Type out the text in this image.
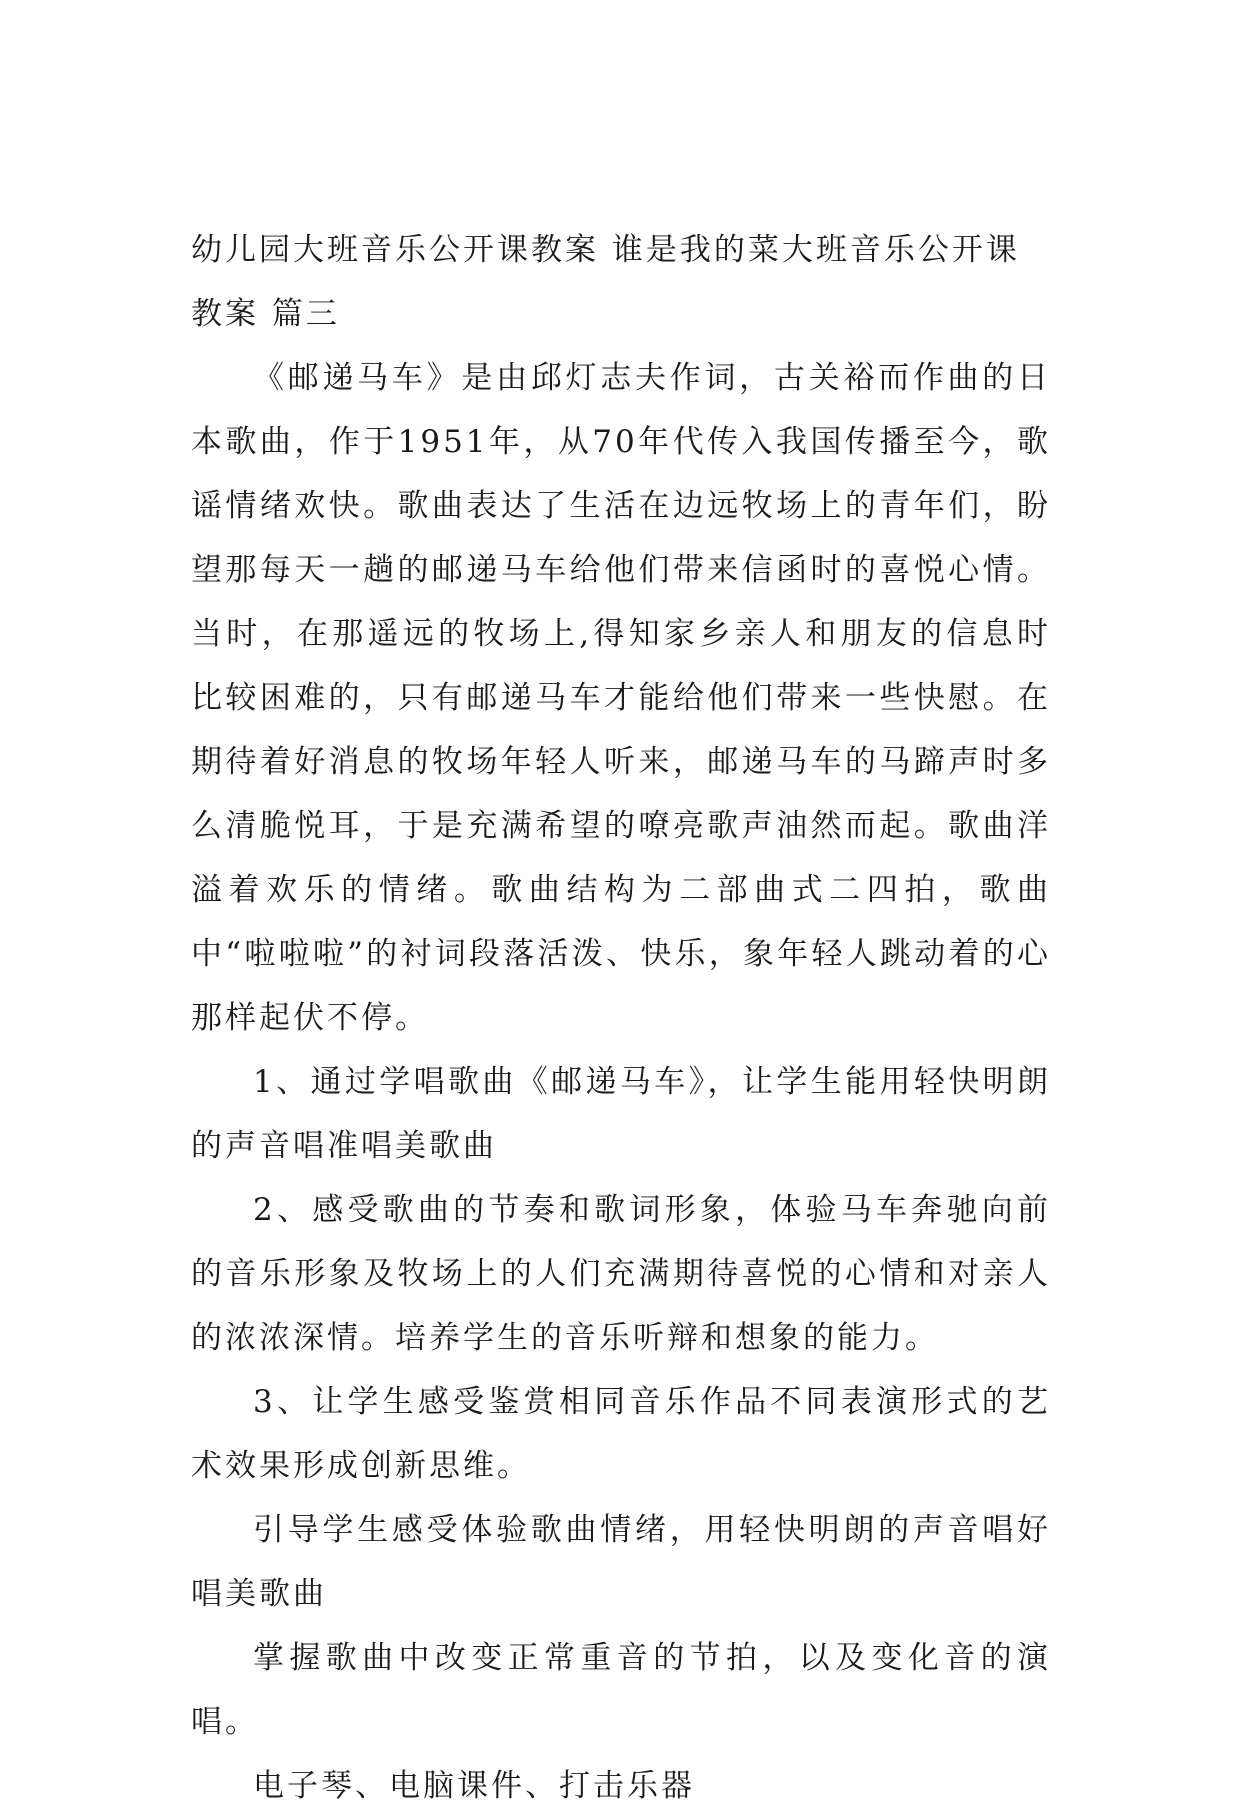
幼儿园大班音乐公开课教案 谁是我的菜大班音乐公开课教案 篇三

《邮递马车》是由邱灯志夫作词，古关裕而作曲的日本歌曲，作于1951年，从70年代传入我国传播至今，歌谣情绪欢快。歌曲表达了生活在边远牧场上的青年们，盼望那每天一趟的邮递马车给他们带来信函时的喜悦心情。当时，在那遥远的牧场上,得知家乡亲人和朋友的信息时比较困难的，只有邮递马车才能给他们带来一些快慰。在期待着好消息的牧场年轻人听来，邮递马车的马蹄声时多么清脆悦耳，于是充满希望的嘹亮歌声油然而起。歌曲洋溢着欢乐的情绪。歌曲结构为二部曲式二四拍，歌曲中“啦啦啦”的衬词段落活泼、快乐，象年轻人跳动着的心那样起伏不停。

1、通过学唱歌曲《邮递马车》，让学生能用轻快明朗的声音唱准唱美歌曲

2、感受歌曲的节奏和歌词形象，体验马车奔驰向前的音乐形象及牧场上的人们充满期待喜悦的心情和对亲人的浓浓深情。培养学生的音乐听辩和想象的能力。

3、让学生感受鉴赏相同音乐作品不同表演形式的艺术效果形成创新思维。

引导学生感受体验歌曲情绪，用轻快明朗的声音唱好唱美歌曲

掌握歌曲中改变正常重音的节拍，以及变化音的演唱。

电子琴、电脑课件、打击乐器
